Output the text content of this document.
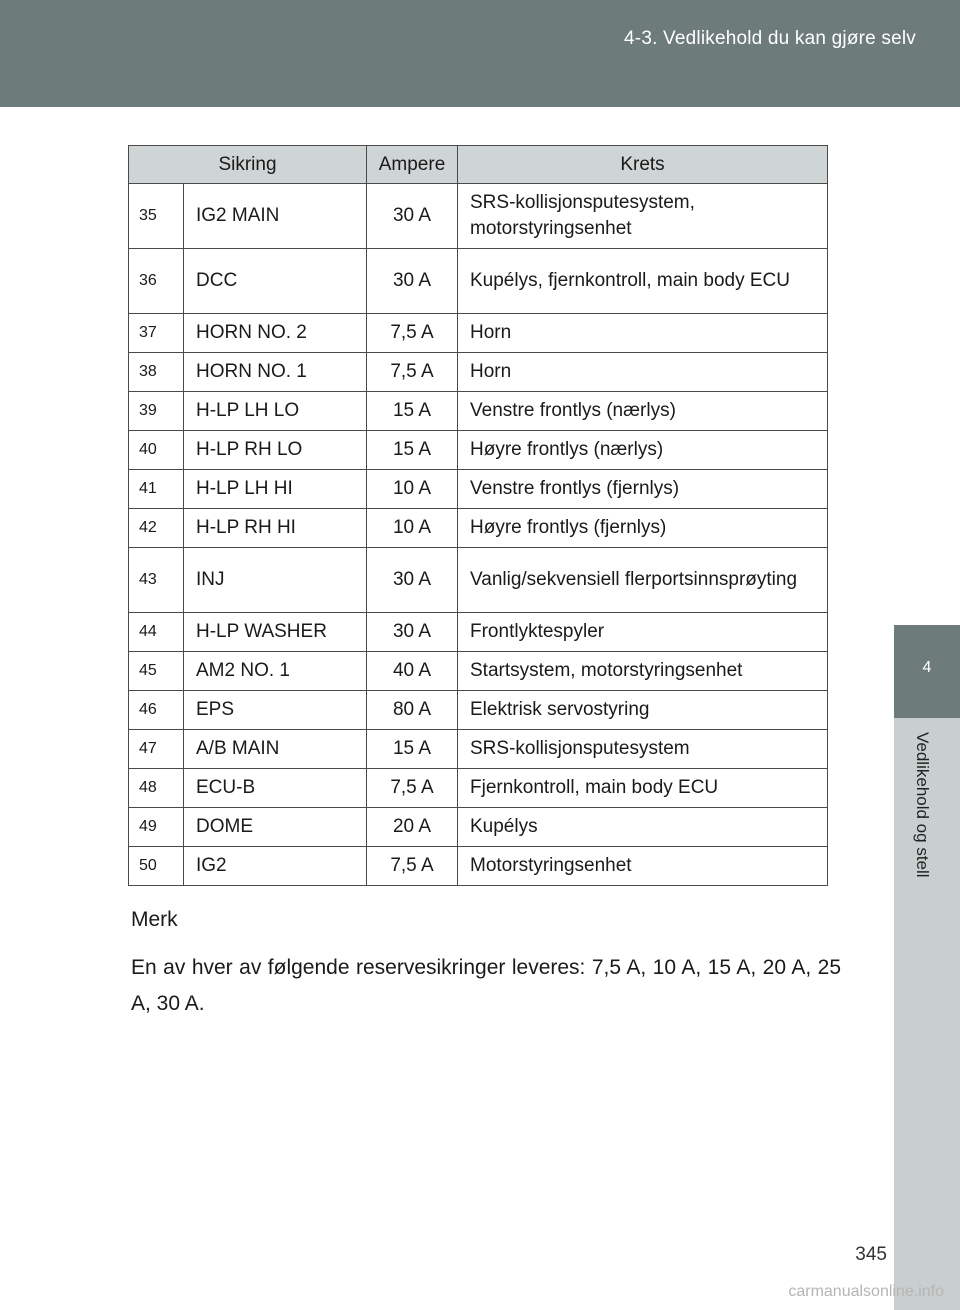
4-3. Vedlikehold du kan gjøre selv
4
Vedlikehold og stell
Sikring		Ampere	Krets
35	IG2 MAIN	30 A	SRS-kollisjonsputesystem, motorstyringsenhet
36	DCC	30 A	Kupélys, fjernkontroll, main body ECU
37	HORN NO. 2	7,5 A	Horn
38	HORN NO. 1	7,5 A	Horn
39	H-LP LH LO	15 A	Venstre frontlys (nærlys)
40	H-LP RH LO	15 A	Høyre frontlys (nærlys)
41	H-LP LH HI	10 A	Venstre frontlys (fjernlys)
42	H-LP RH HI	10 A	Høyre frontlys (fjernlys)
43	INJ	30 A	Vanlig/sekvensiell flerportsinnsprøyting
44	H-LP WASHER	30 A	Frontlyktespyler
45	AM2 NO. 1	40 A	Startsystem, motorstyringsenhet
46	EPS	80 A	Elektrisk servostyring
47	A/B MAIN	15 A	SRS-kollisjonsputesystem
48	ECU-B	7,5 A	Fjernkontroll, main body ECU
49	DOME	20 A	Kupélys
50	IG2	7,5 A	Motorstyringsenhet
Merk
En av hver av følgende reservesikringer leveres: 7,5 A, 10 A, 15 A, 20 A, 25 A, 30 A.
345
carmanualsonline.info
